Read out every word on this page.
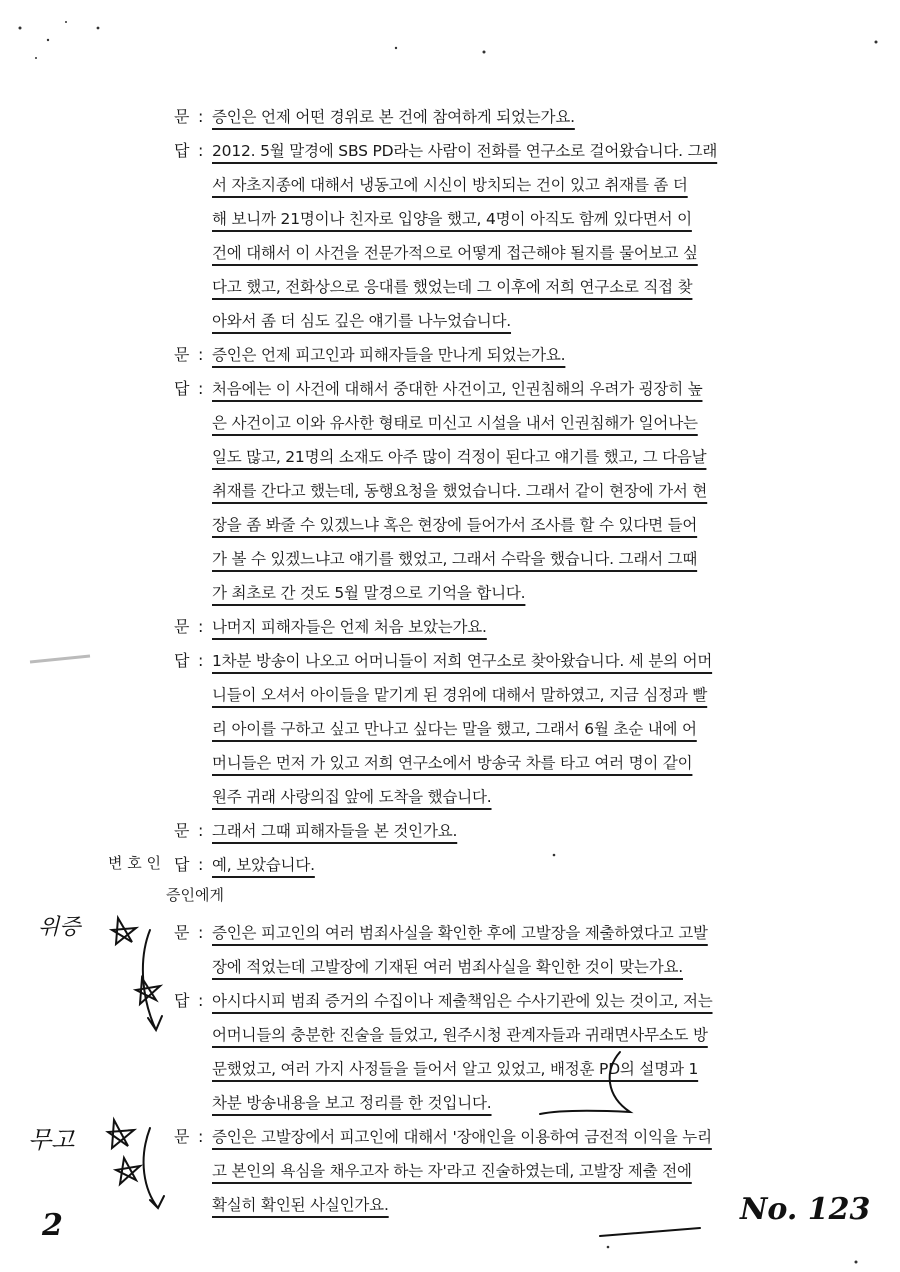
문 : 증인은 언제 어떤 경위로 본 건에 참여하게 되었는가요.
답 : 2012. 5월 말경에 SBS PD라는 사람이 전화를 연구소로 걸어왔습니다. 그래
서 자초지종에 대해서 냉동고에 시신이 방치되는 건이 있고 취재를 좀 더
해 보니까 21명이나 친자로 입양을 했고, 4명이 아직도 함께 있다면서 이
건에 대해서 이 사건을 전문가적으로 어떻게 접근해야 될지를 물어보고 싶
다고 했고, 전화상으로 응대를 했었는데 그 이후에 저희 연구소로 직접 찾
아와서 좀 더 심도 깊은 얘기를 나누었습니다.
문 : 증인은 언제 피고인과 피해자들을 만나게 되었는가요.
답 : 처음에는 이 사건에 대해서 중대한 사건이고, 인권침해의 우려가 굉장히 높
은 사건이고 이와 유사한 형태로 미신고 시설을 내서 인권침해가 일어나는
일도 많고, 21명의 소재도 아주 많이 걱정이 된다고 얘기를 했고, 그 다음날
취재를 간다고 했는데, 동행요청을 했었습니다. 그래서 같이 현장에 가서 현
장을 좀 봐줄 수 있겠느냐 혹은 현장에 들어가서 조사를 할 수 있다면 들어
가 볼 수 있겠느냐고 얘기를 했었고, 그래서 수락을 했습니다. 그래서 그때
가 최초로 간 것도 5월 말경으로 기억을 합니다.
문 : 나머지 피해자들은 언제 처음 보았는가요.
답 : 1차분 방송이 나오고 어머니들이 저희 연구소로 찾아왔습니다. 세 분의 어머
니들이 오셔서 아이들을 맡기게 된 경위에 대해서 말하였고, 지금 심정과 빨
리 아이를 구하고 싶고 만나고 싶다는 말을 했고, 그래서 6월 초순 내에 어
머니들은 먼저 가 있고 저희 연구소에서 방송국 차를 타고 여러 명이 같이
원주 귀래 사랑의집 앞에 도착을 했습니다.
문 : 그래서 그때 피해자들을 본 것인가요.
답 : 예, 보았습니다.
변 호 인
증인에게
문 : 증인은 피고인의 여러 범죄사실을 확인한 후에 고발장을 제출하였다고 고발
장에 적었는데 고발장에 기재된 여러 범죄사실을 확인한 것이 맞는가요.
답 : 아시다시피 범죄 증거의 수집이나 제출책임은 수사기관에 있는 것이고, 저는
어머니들의 충분한 진술을 들었고, 원주시청 관계자들과 귀래면사무소도 방
문했었고, 여러 가지 사정들을 들어서 알고 있었고, 배정훈 PD의 설명과 1
차분 방송내용을 보고 정리를 한 것입니다.
문 : 증인은 고발장에서 피고인에 대해서 '장애인을 이용하여 금전적 이익을 누리
고 본인의 욕심을 채우고자 하는 자'라고 진술하였는데, 고발장 제출 전에
확실히 확인된 사실인가요.
위증
무고
No. 123
2
